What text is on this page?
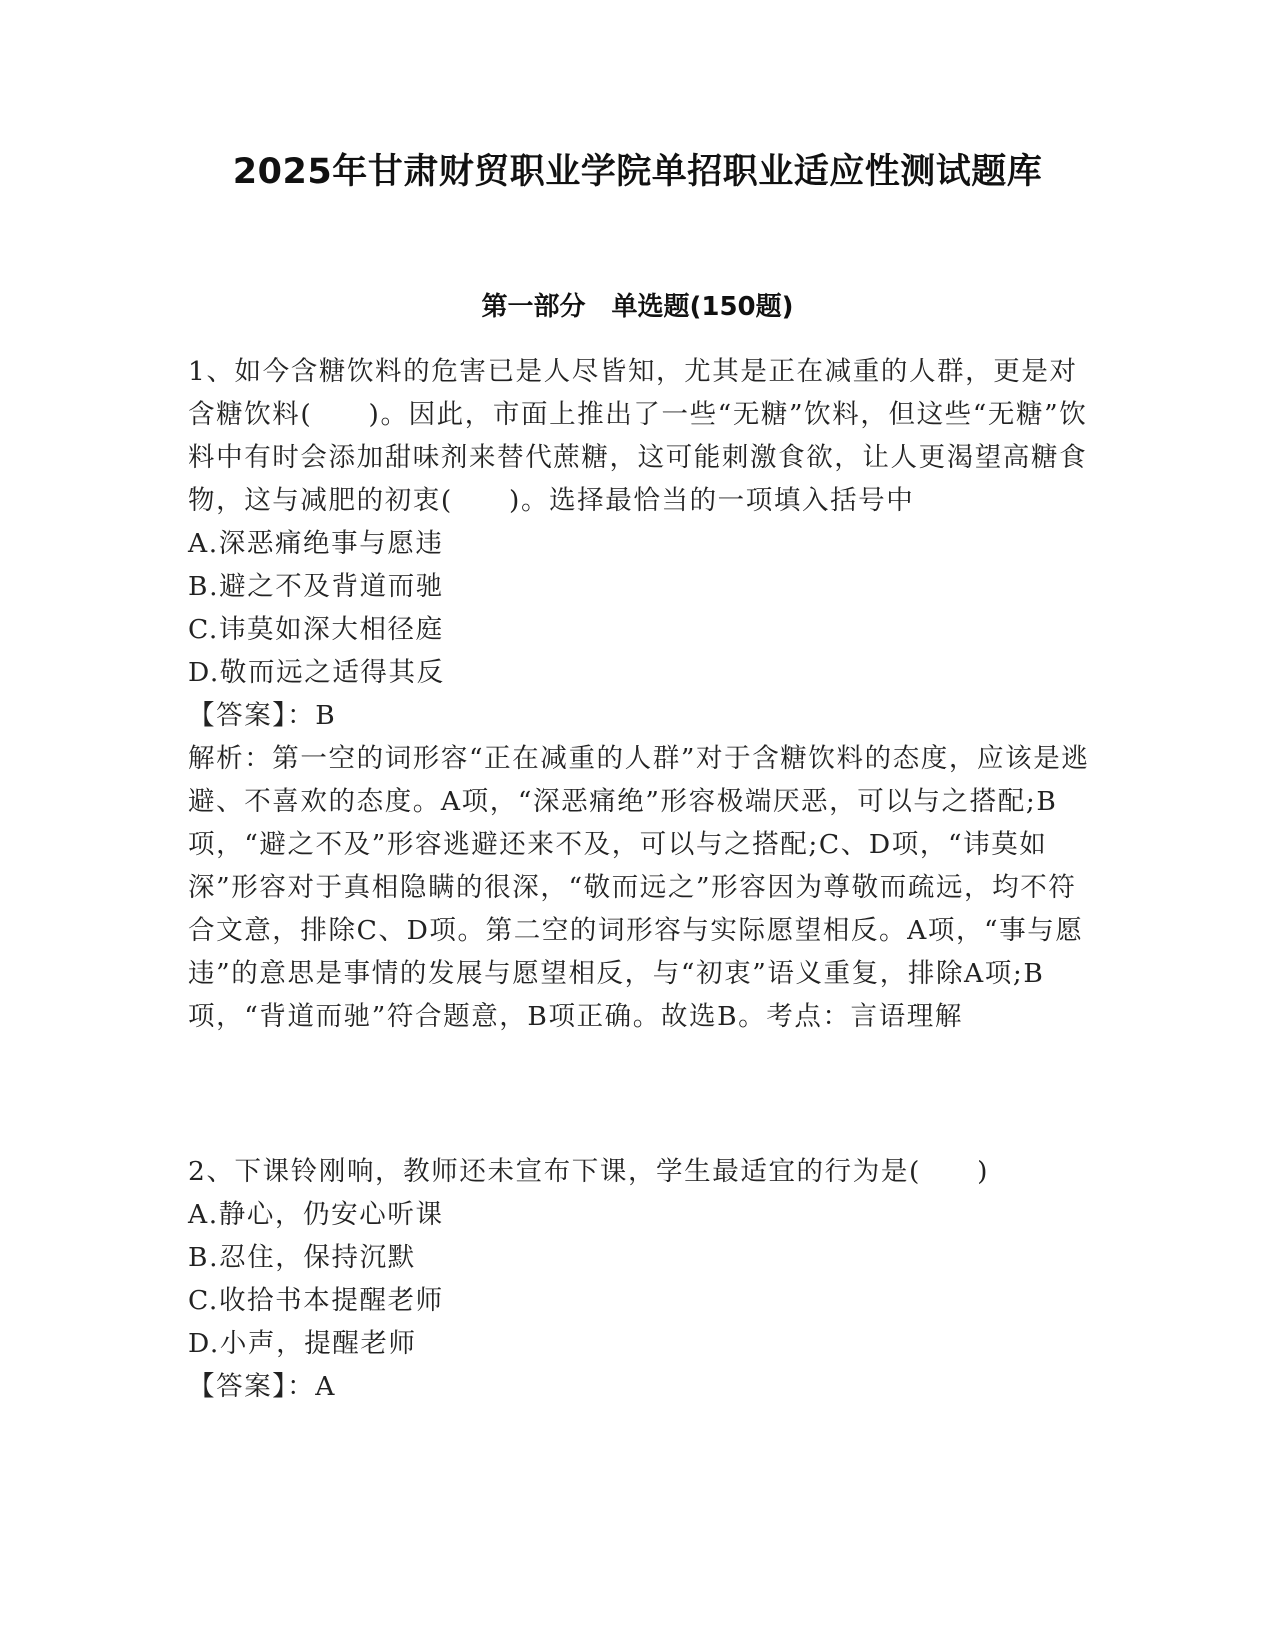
2025年甘肃财贸职业学院单招职业适应性测试题库
第一部分　单选题(150题)

1、如今含糖饮料的危害已是人尽皆知，尤其是正在减重的人群，更是对含糖饮料(　　)。因此，市面上推出了一些“无糖”饮料，但这些“无糖”饮料中有时会添加甜味剂来替代蔗糖，这可能刺激食欲，让人更渴望高糖食物，这与减肥的初衷(　　)。选择最恰当的一项填入括号中

A.深恶痛绝事与愿违

B.避之不及背道而驰

C.讳莫如深大相径庭

D.敬而远之适得其反

【答案】：B

解析：第一空的词形容“正在减重的人群”对于含糖饮料的态度，应该是逃避、不喜欢的态度。A项，“深恶痛绝”形容极端厌恶，可以与之搭配;B项，“避之不及”形容逃避还来不及，可以与之搭配;C、D项，“讳莫如深”形容对于真相隐瞒的很深，“敬而远之”形容因为尊敬而疏远，均不符合文意，排除C、D项。第二空的词形容与实际愿望相反。A项，“事与愿违”的意思是事情的发展与愿望相反，与“初衷”语义重复，排除A项;B项，“背道而驰”符合题意，B项正确。故选B。考点：言语理解

2、下课铃刚响，教师还未宣布下课，学生最适宜的行为是(　　)

A.静心，仍安心听课

B.忍住，保持沉默

C.收拾书本提醒老师

D.小声，提醒老师

【答案】：A
